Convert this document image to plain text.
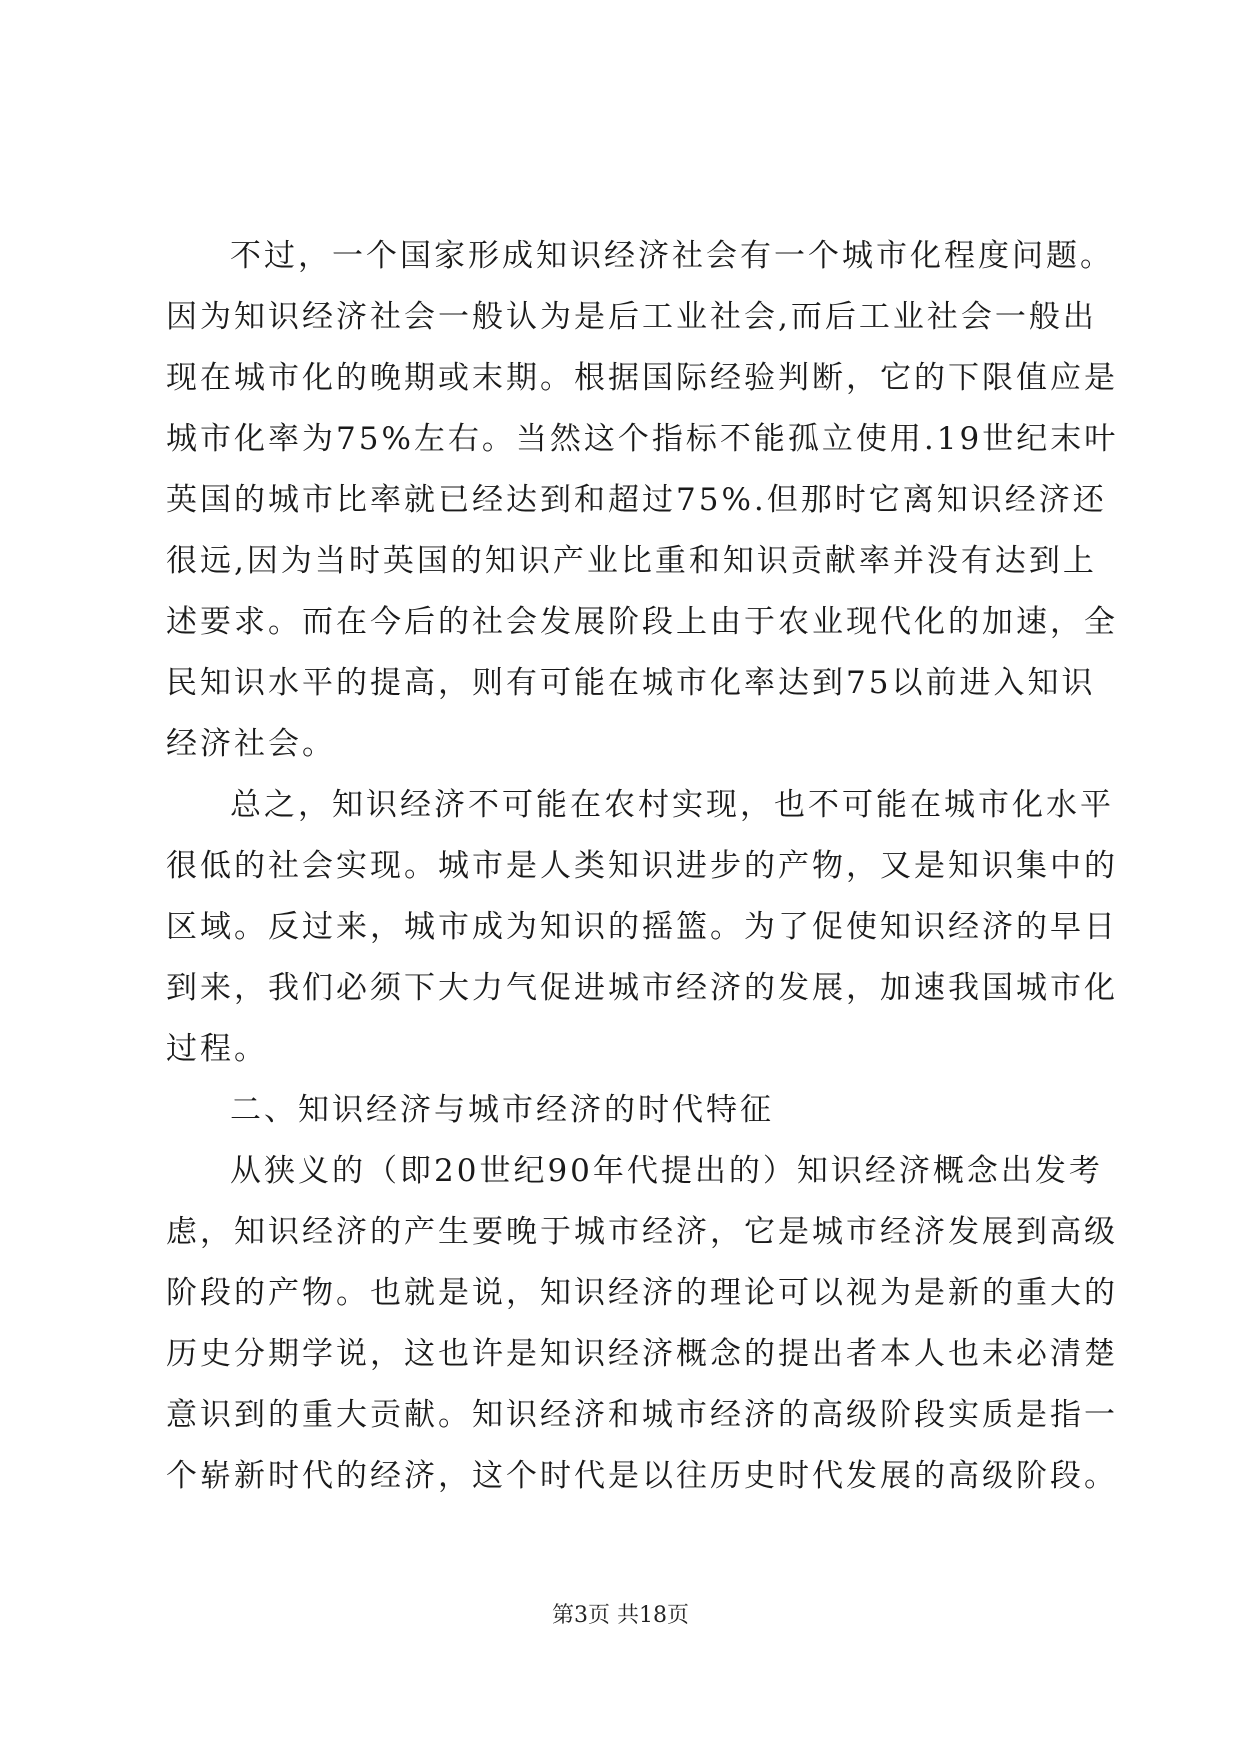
不过，一个国家形成知识经济社会有一个城市化程度问题。
因为知识经济社会一般认为是后工业社会,而后工业社会一般出
现在城市化的晚期或末期。根据国际经验判断，它的下限值应是
城市化率为75%左右。当然这个指标不能孤立使用.19世纪末叶
英国的城市比率就已经达到和超过75%.但那时它离知识经济还
很远,因为当时英国的知识产业比重和知识贡献率并没有达到上
述要求。而在今后的社会发展阶段上由于农业现代化的加速，全
民知识水平的提高，则有可能在城市化率达到75以前进入知识
经济社会。
总之，知识经济不可能在农村实现，也不可能在城市化水平
很低的社会实现。城市是人类知识进步的产物，又是知识集中的
区域。反过来，城市成为知识的摇篮。为了促使知识经济的早日
到来，我们必须下大力气促进城市经济的发展，加速我国城市化
过程。
二、知识经济与城市经济的时代特征
从狭义的（即20世纪90年代提出的）知识经济概念出发考
虑，知识经济的产生要晚于城市经济，它是城市经济发展到高级
阶段的产物。也就是说，知识经济的理论可以视为是新的重大的
历史分期学说，这也许是知识经济概念的提出者本人也未必清楚
意识到的重大贡献。知识经济和城市经济的高级阶段实质是指一
个崭新时代的经济，这个时代是以往历史时代发展的高级阶段。
第3页 共18页
